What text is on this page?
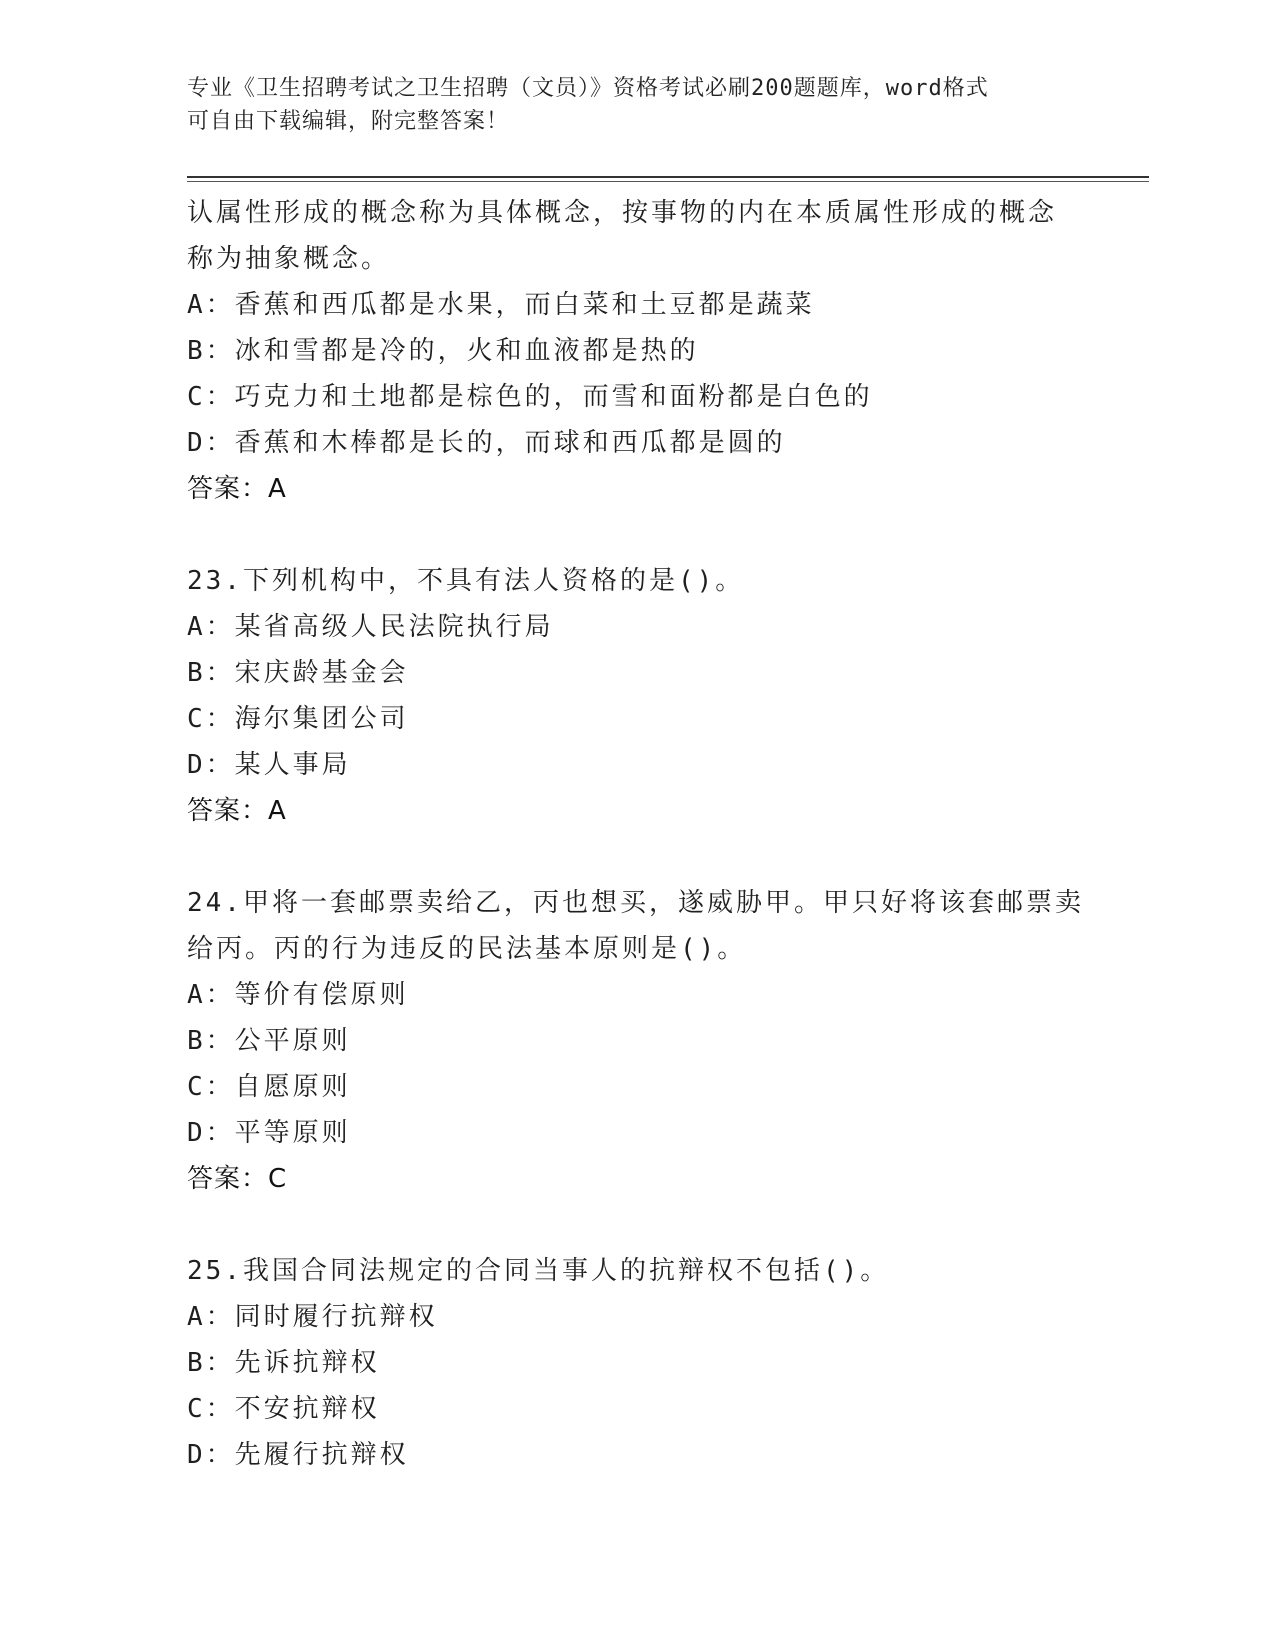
专业《卫生招聘考试之卫生招聘（文员）》资格考试必刷200题题库，word格式
可自由下载编辑，附完整答案！
认属性形成的概念称为具体概念，按事物的内在本质属性形成的概念
称为抽象概念。
A：香蕉和西瓜都是水果，而白菜和土豆都是蔬菜
B：冰和雪都是冷的，火和血液都是热的
C：巧克力和土地都是棕色的，而雪和面粉都是白色的
D：香蕉和木棒都是长的，而球和西瓜都是圆的
答案：A
23.下列机构中，不具有法人资格的是()。
A：某省高级人民法院执行局
B：宋庆龄基金会
C：海尔集团公司
D：某人事局
答案：A
24.甲将一套邮票卖给乙，丙也想买，遂威胁甲。甲只好将该套邮票卖
给丙。丙的行为违反的民法基本原则是()。
A：等价有偿原则
B：公平原则
C：自愿原则
D：平等原则
答案：C
25.我国合同法规定的合同当事人的抗辩权不包括()。
A：同时履行抗辩权
B：先诉抗辩权
C：不安抗辩权
D：先履行抗辩权
